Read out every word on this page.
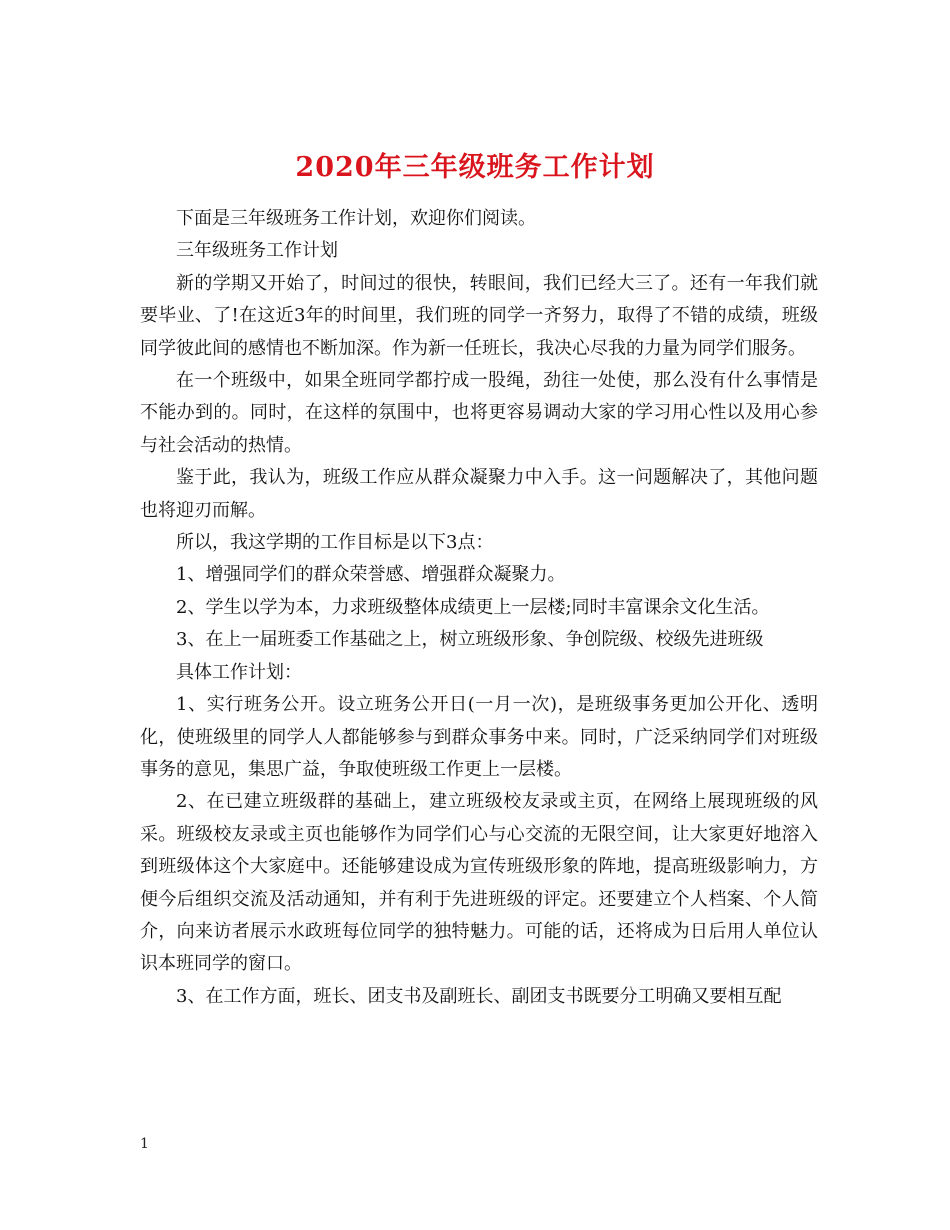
2020年三年级班务工作计划

下面是三年级班务工作计划，欢迎你们阅读。

三年级班务工作计划

新的学期又开始了，时间过的很快，转眼间，我们已经大三了。还有一年我们就要毕业、了!在这近3年的时间里，我们班的同学一齐努力，取得了不错的成绩，班级同学彼此间的感情也不断加深。作为新一任班长，我决心尽我的力量为同学们服务。

在一个班级中，如果全班同学都拧成一股绳，劲往一处使，那么没有什么事情是不能办到的。同时，在这样的氛围中，也将更容易调动大家的学习用心性以及用心参与社会活动的热情。

鉴于此，我认为，班级工作应从群众凝聚力中入手。这一问题解决了，其他问题也将迎刃而解。

所以，我这学期的工作目标是以下3点：

1、增强同学们的群众荣誉感、增强群众凝聚力。

2、学生以学为本，力求班级整体成绩更上一层楼;同时丰富课余文化生活。

3、在上一届班委工作基础之上，树立班级形象、争创院级、校级先进班级

具体工作计划：

1、实行班务公开。设立班务公开日(一月一次)，是班级事务更加公开化、透明化，使班级里的同学人人都能够参与到群众事务中来。同时，广泛采纳同学们对班级事务的意见，集思广益，争取使班级工作更上一层楼。

2、在已建立班级群的基础上，建立班级校友录或主页，在网络上展现班级的风采。班级校友录或主页也能够作为同学们心与心交流的无限空间，让大家更好地溶入到班级体这个大家庭中。还能够建设成为宣传班级形象的阵地，提高班级影响力，方便今后组织交流及活动通知，并有利于先进班级的评定。还要建立个人档案、个人简介，向来访者展示水政班每位同学的独特魅力。可能的话，还将成为日后用人单位认识本班同学的窗口。

3、在工作方面，班长、团支书及副班长、副团支书既要分工明确又要相互配

1
